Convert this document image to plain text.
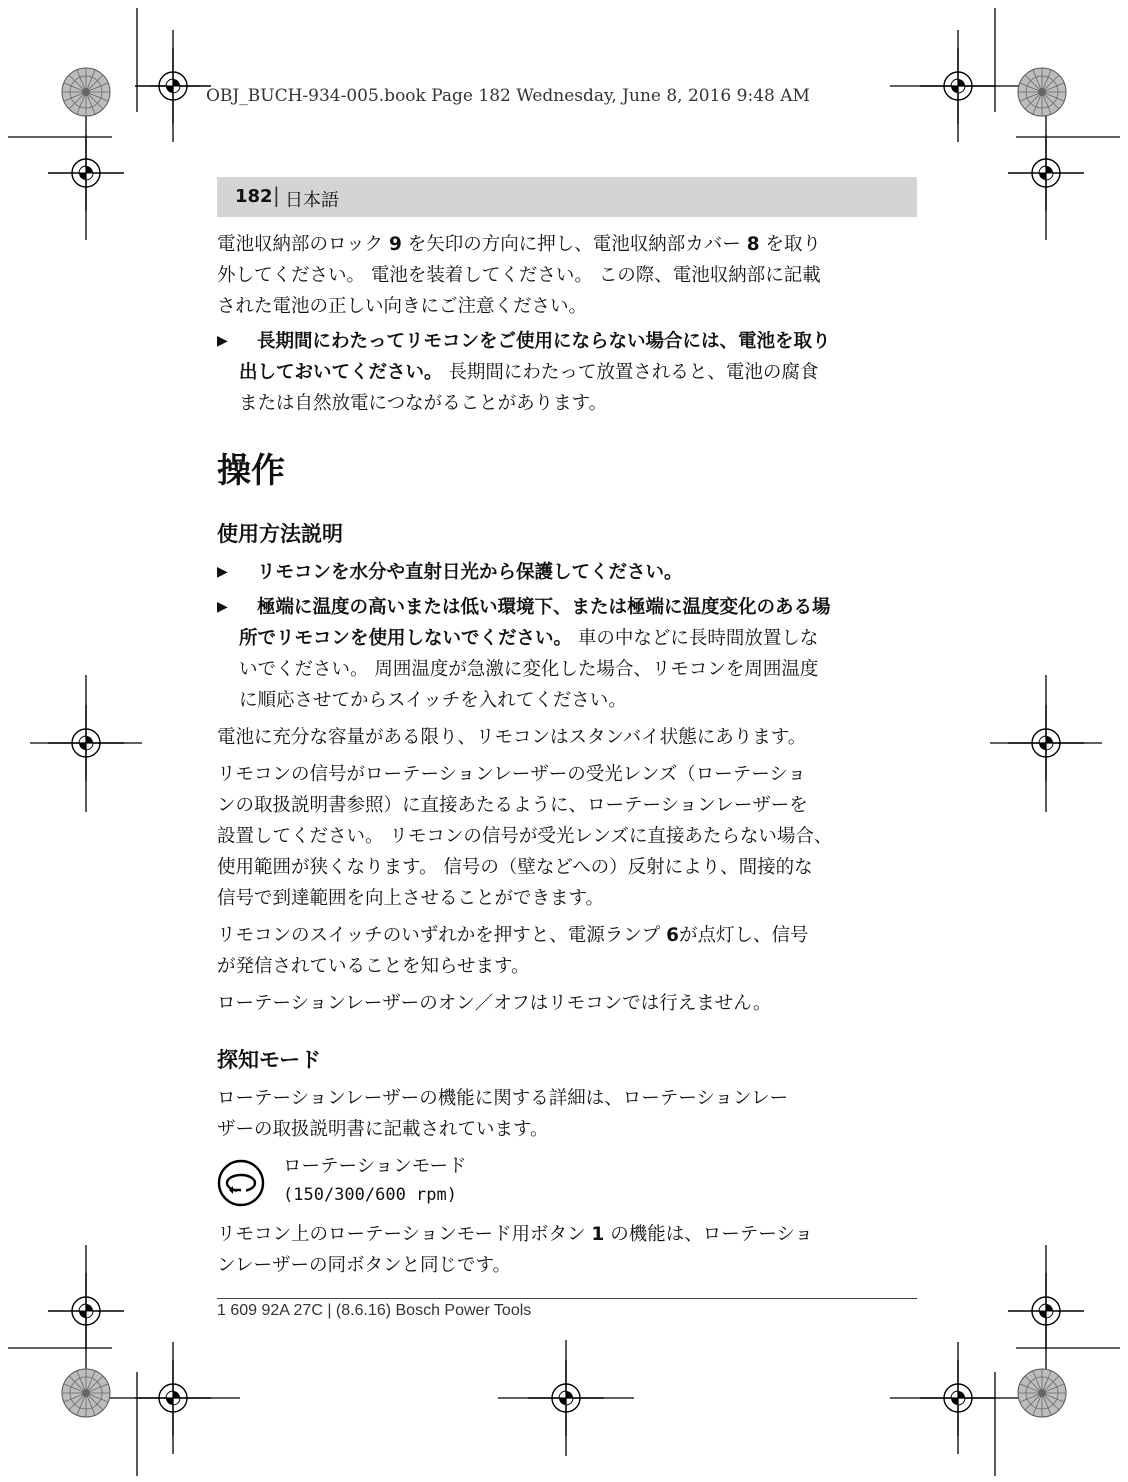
OBJ_BUCH-934-005.book Page 182 Wednesday, June 8, 2016 9:48 AM
182 | 日本語

電池収納部のロック 9 を矢印の方向に押し、電池収納部カバー 8 を取り

外してください。 電池を装着してください。 この際、電池収納部に記載

された電池の正しい向きにご注意ください。

▶ 長期間にわたってリモコンをご使用にならない場合には、電池を取り

出しておいてください。 長期間にわたって放置されると、電池の腐食

または自然放電につながることがあります。

操作
使用方法説明
▶ リモコンを水分や直射日光から保護してください。

▶ 極端に温度の高いまたは低い環境下、または極端に温度変化のある場

所でリモコンを使用しないでください。 車の中などに長時間放置しな

いでください。 周囲温度が急激に変化した場合、リモコンを周囲温度

に順応させてからスイッチを入れてください。

電池に充分な容量がある限り、リモコンはスタンバイ状態にあります。

リモコンの信号がローテーションレーザーの受光レンズ（ローテーショ

ンの取扱説明書参照）に直接あたるように、ローテーションレーザーを

設置してください。 リモコンの信号が受光レンズに直接あたらない場合、

使用範囲が狭くなります。 信号の（壁などへの）反射により、間接的な

信号で到達範囲を向上させることができます。

リモコンのスイッチのいずれかを押すと、電源ランプ 6が点灯し、信号

が発信されていることを知らせます。

ローテーションレーザーのオン／オフはリモコンでは行えません。

探知モード

ローテーションレーザーの機能に関する詳細は、ローテーションレー

ザーの取扱説明書に記載されています。

ローテーションモード
(150/300/600 rpm)

リモコン上のローテーションモード用ボタン 1 の機能は、ローテーショ

ンレーザーの同ボタンと同じです。

1 609 92A 27C | (8.6.16) Bosch Power Tools
